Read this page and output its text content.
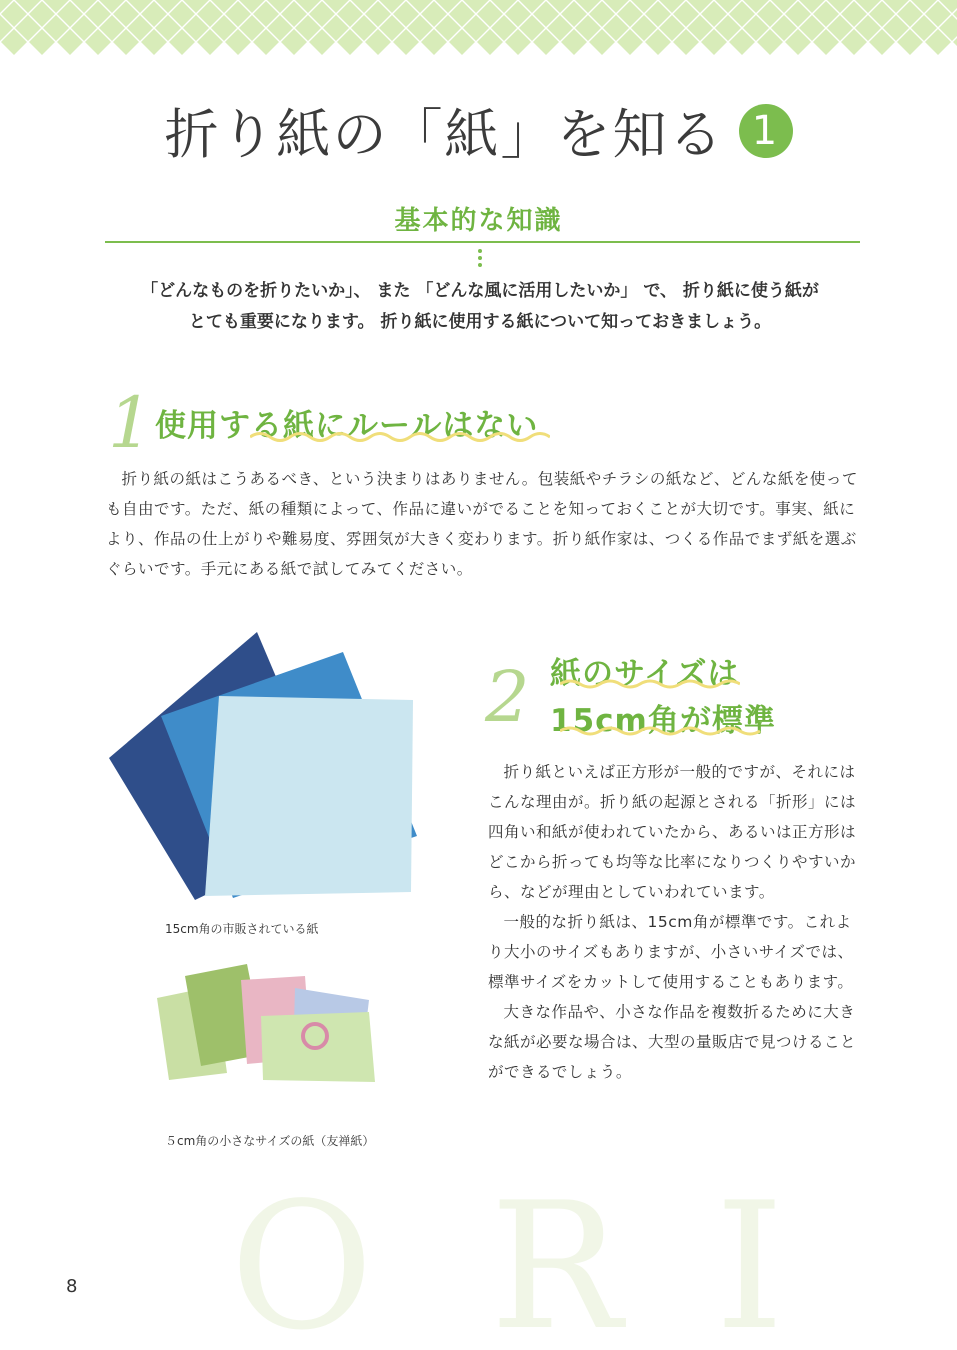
折り紙の「紙」を知る 1
基本的な知識
「どんなものを折りたいか」、 また 「どんな風に活用したいか」 で、 折り紙に使う紙が
とても重要になります。 折り紙に使用する紙について知っておきましょう。
1 使用する紙にルールはない
折り紙の紙はこうあるべき、という決まりはありません。包装紙やチラシの紙など、どんな紙を使っても自由です。ただ、紙の種類によって、作品に違いがでることを知っておくことが大切です。事実、紙により、作品の仕上がりや難易度、雰囲気が大きく変わります。折り紙作家は、つくる作品でまず紙を選ぶぐらいです。手元にある紙で試してみてください。
15cm角の市販されている紙
５cm角の小さなサイズの紙（友禅紙）
2 紙のサイズは
15cm角が標準

折り紙といえば正方形が一般的ですが、それにはこんな理由が。折り紙の起源とされる「折形」には四角い和紙が使われていたから、あるいは正方形はどこから折っても均等な比率になりつくりやすいから、などが理由としていわれています。

一般的な折り紙は、15cm角が標準です。これより大小のサイズもありますが、小さいサイズでは、標準サイズをカットして使用することもあります。

大きな作品や、小さな作品を複数折るために大きな紙が必要な場合は、大型の量販店で見つけることができるでしょう。

O R I
8
